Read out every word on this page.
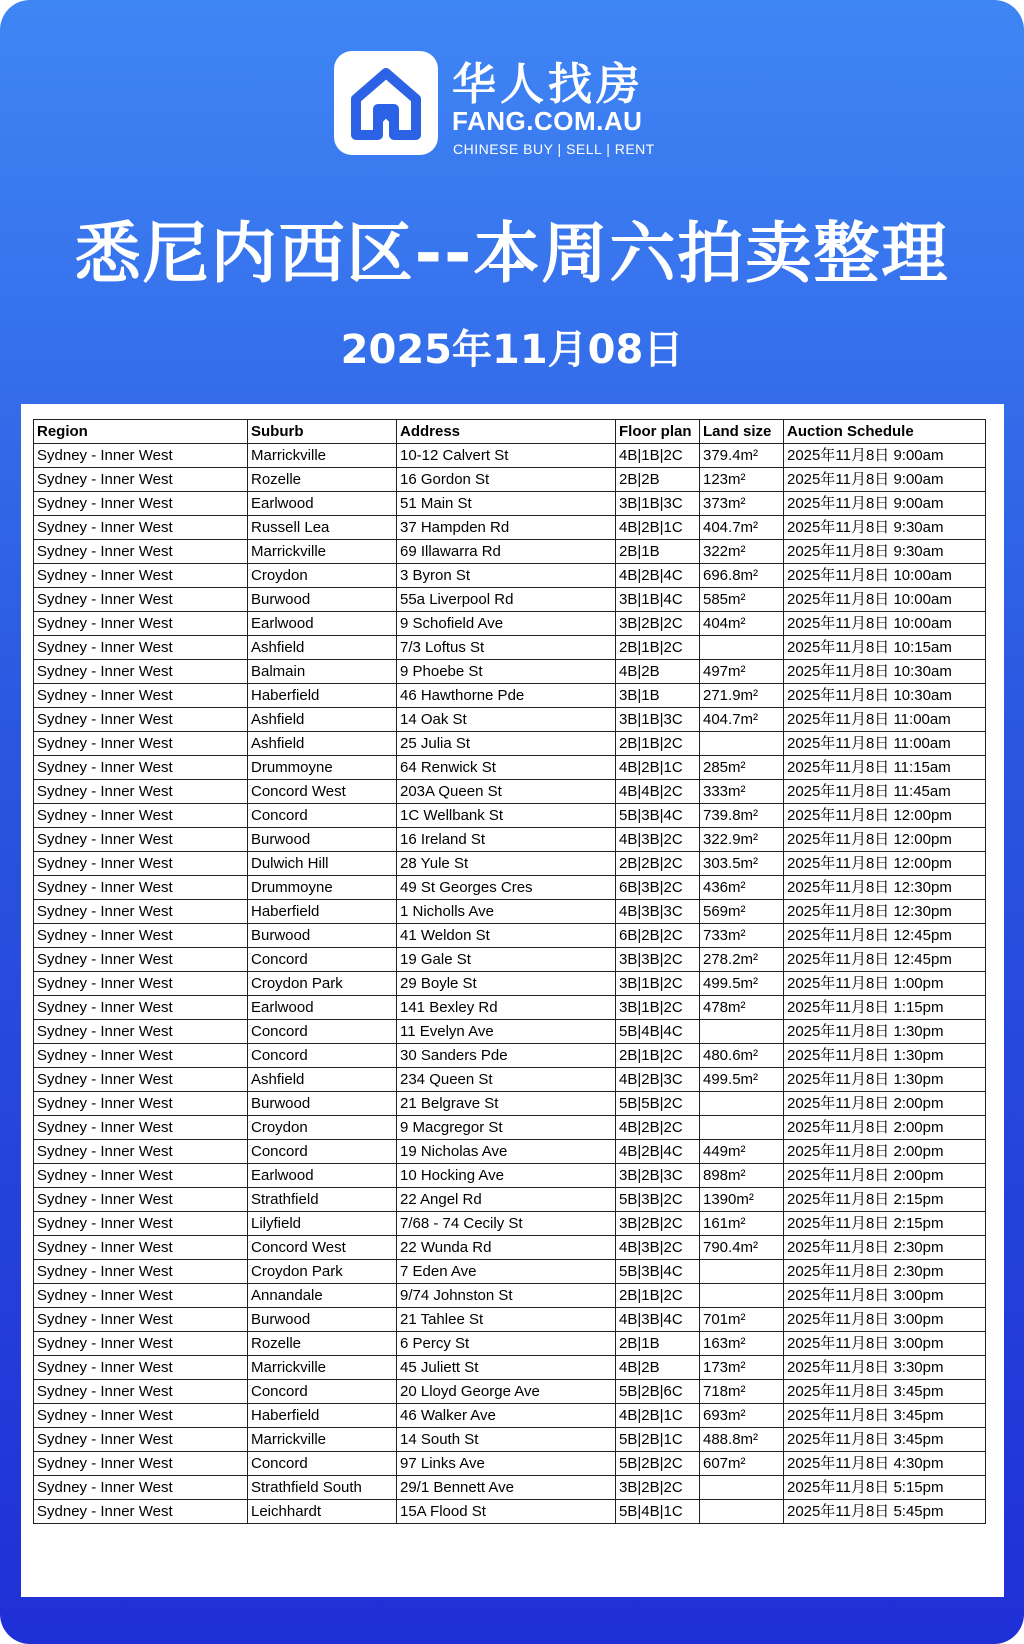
华人找房
FANG.COM.AU
CHINESE BUY | SELL | RENT
悉尼内西区--本周六拍卖整理
2025年11月08日
Region	Suburb	Address	Floor plan	Land size	Auction Schedule
Sydney - Inner West	Marrickville	10-12 Calvert St	4B|1B|2C	379.4m²	2025年11月8日 9:00am
Sydney - Inner West	Rozelle	16 Gordon St	2B|2B	123m²	2025年11月8日 9:00am
Sydney - Inner West	Earlwood	51 Main St	3B|1B|3C	373m²	2025年11月8日 9:00am
Sydney - Inner West	Russell Lea	37 Hampden Rd	4B|2B|1C	404.7m²	2025年11月8日 9:30am
Sydney - Inner West	Marrickville	69 Illawarra Rd	2B|1B	322m²	2025年11月8日 9:30am
Sydney - Inner West	Croydon	3 Byron St	4B|2B|4C	696.8m²	2025年11月8日 10:00am
Sydney - Inner West	Burwood	55a Liverpool Rd	3B|1B|4C	585m²	2025年11月8日 10:00am
Sydney - Inner West	Earlwood	9 Schofield Ave	3B|2B|2C	404m²	2025年11月8日 10:00am
Sydney - Inner West	Ashfield	7/3 Loftus St	2B|1B|2C		2025年11月8日 10:15am
Sydney - Inner West	Balmain	9 Phoebe St	4B|2B	497m²	2025年11月8日 10:30am
Sydney - Inner West	Haberfield	46 Hawthorne Pde	3B|1B	271.9m²	2025年11月8日 10:30am
Sydney - Inner West	Ashfield	14 Oak St	3B|1B|3C	404.7m²	2025年11月8日 11:00am
Sydney - Inner West	Ashfield	25 Julia St	2B|1B|2C		2025年11月8日 11:00am
Sydney - Inner West	Drummoyne	64 Renwick St	4B|2B|1C	285m²	2025年11月8日 11:15am
Sydney - Inner West	Concord West	203A Queen St	4B|4B|2C	333m²	2025年11月8日 11:45am
Sydney - Inner West	Concord	1C Wellbank St	5B|3B|4C	739.8m²	2025年11月8日 12:00pm
Sydney - Inner West	Burwood	16 Ireland St	4B|3B|2C	322.9m²	2025年11月8日 12:00pm
Sydney - Inner West	Dulwich Hill	28 Yule St	2B|2B|2C	303.5m²	2025年11月8日 12:00pm
Sydney - Inner West	Drummoyne	49 St Georges Cres	6B|3B|2C	436m²	2025年11月8日 12:30pm
Sydney - Inner West	Haberfield	1 Nicholls Ave	4B|3B|3C	569m²	2025年11月8日 12:30pm
Sydney - Inner West	Burwood	41 Weldon St	6B|2B|2C	733m²	2025年11月8日 12:45pm
Sydney - Inner West	Concord	19 Gale St	3B|3B|2C	278.2m²	2025年11月8日 12:45pm
Sydney - Inner West	Croydon Park	29 Boyle St	3B|1B|2C	499.5m²	2025年11月8日 1:00pm
Sydney - Inner West	Earlwood	141 Bexley Rd	3B|1B|2C	478m²	2025年11月8日 1:15pm
Sydney - Inner West	Concord	11 Evelyn Ave	5B|4B|4C		2025年11月8日 1:30pm
Sydney - Inner West	Concord	30 Sanders Pde	2B|1B|2C	480.6m²	2025年11月8日 1:30pm
Sydney - Inner West	Ashfield	234 Queen St	4B|2B|3C	499.5m²	2025年11月8日 1:30pm
Sydney - Inner West	Burwood	21 Belgrave St	5B|5B|2C		2025年11月8日 2:00pm
Sydney - Inner West	Croydon	9 Macgregor St	4B|2B|2C		2025年11月8日 2:00pm
Sydney - Inner West	Concord	19 Nicholas Ave	4B|2B|4C	449m²	2025年11月8日 2:00pm
Sydney - Inner West	Earlwood	10 Hocking Ave	3B|2B|3C	898m²	2025年11月8日 2:00pm
Sydney - Inner West	Strathfield	22 Angel Rd	5B|3B|2C	1390m²	2025年11月8日 2:15pm
Sydney - Inner West	Lilyfield	7/68 - 74 Cecily St	3B|2B|2C	161m²	2025年11月8日 2:15pm
Sydney - Inner West	Concord West	22 Wunda Rd	4B|3B|2C	790.4m²	2025年11月8日 2:30pm
Sydney - Inner West	Croydon Park	7 Eden Ave	5B|3B|4C		2025年11月8日 2:30pm
Sydney - Inner West	Annandale	9/74 Johnston St	2B|1B|2C		2025年11月8日 3:00pm
Sydney - Inner West	Burwood	21 Tahlee St	4B|3B|4C	701m²	2025年11月8日 3:00pm
Sydney - Inner West	Rozelle	6 Percy St	2B|1B	163m²	2025年11月8日 3:00pm
Sydney - Inner West	Marrickville	45 Juliett St	4B|2B	173m²	2025年11月8日 3:30pm
Sydney - Inner West	Concord	20 Lloyd George Ave	5B|2B|6C	718m²	2025年11月8日 3:45pm
Sydney - Inner West	Haberfield	46 Walker Ave	4B|2B|1C	693m²	2025年11月8日 3:45pm
Sydney - Inner West	Marrickville	14 South St	5B|2B|1C	488.8m²	2025年11月8日 3:45pm
Sydney - Inner West	Concord	97 Links Ave	5B|2B|2C	607m²	2025年11月8日 4:30pm
Sydney - Inner West	Strathfield South	29/1 Bennett Ave	3B|2B|2C		2025年11月8日 5:15pm
Sydney - Inner West	Leichhardt	15A Flood St	5B|4B|1C		2025年11月8日 5:45pm
